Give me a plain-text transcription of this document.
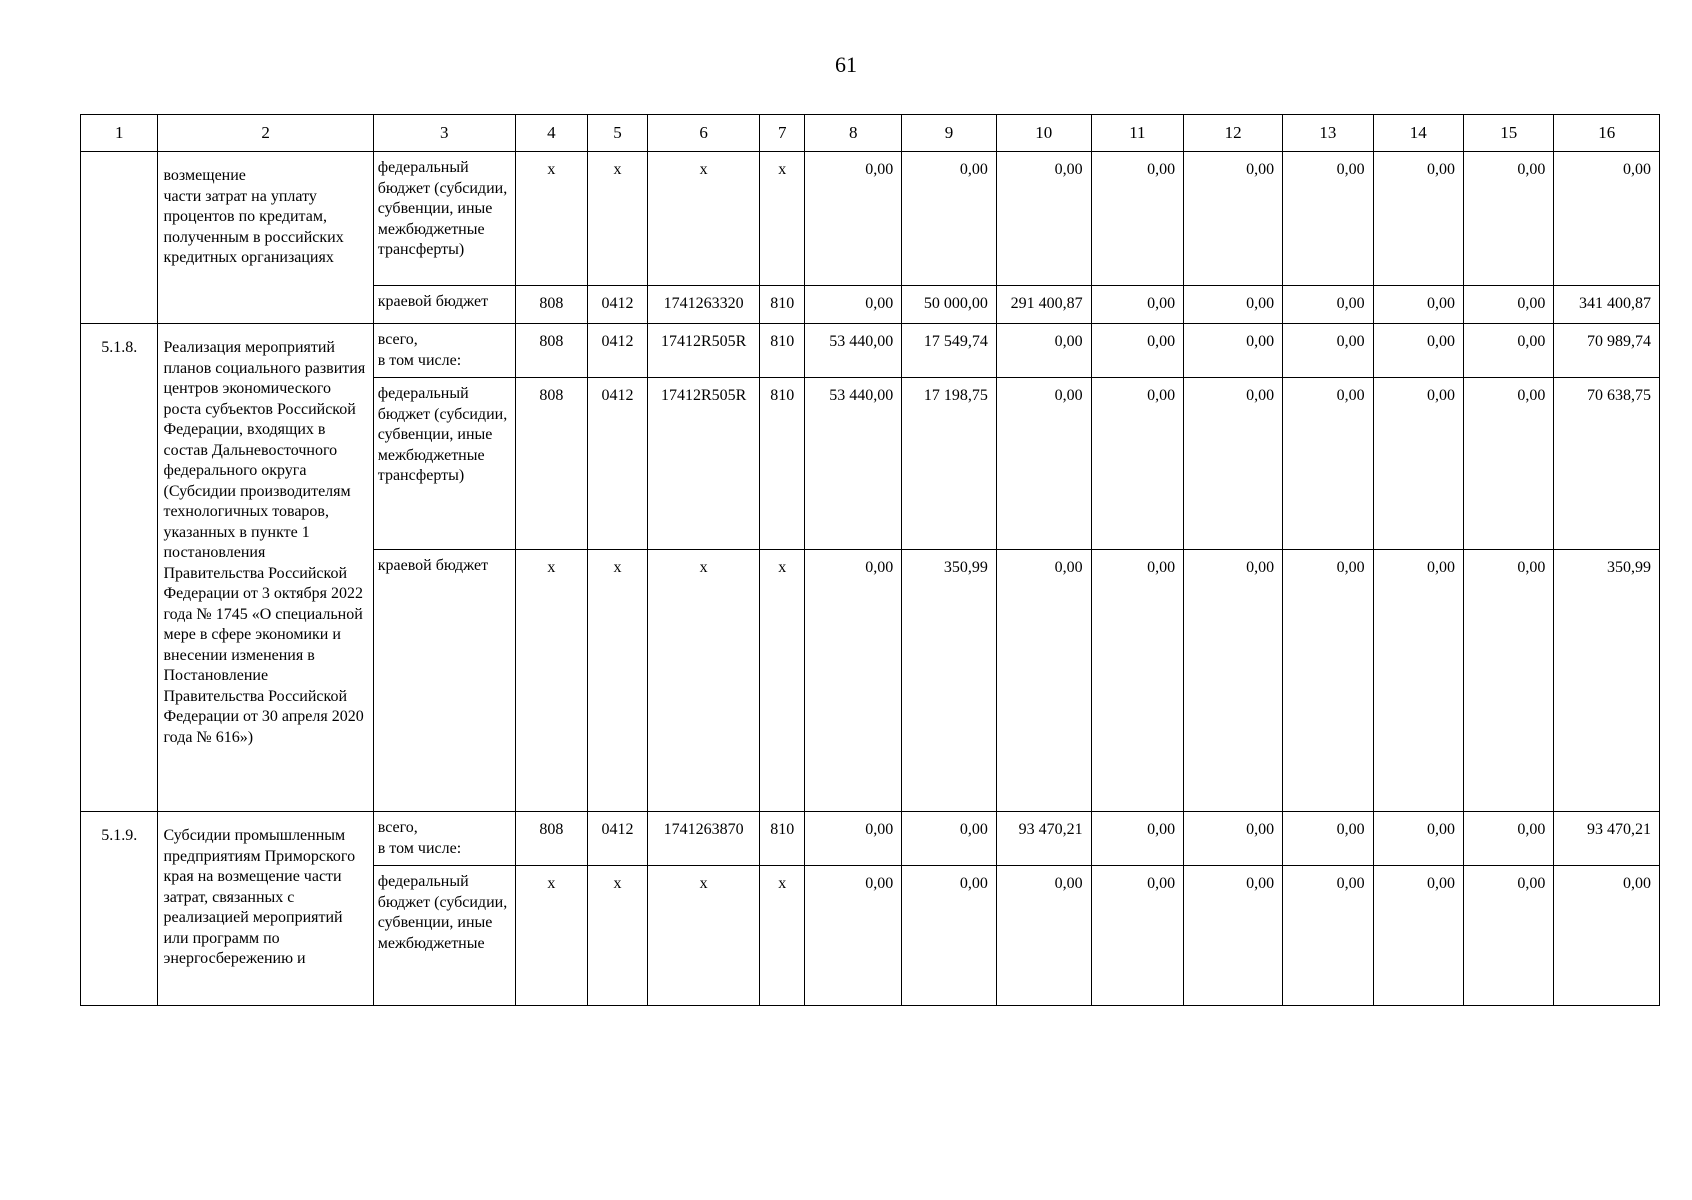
61
1	2	3	4	5	6	7	8	9	10	11	12	13	14	15	16
	возмещение
части затрат на уплату процентов по кредитам, полученным в российских кредитных организациях	федеральный бюджет (субсидии, субвенции, иные межбюджетные трансферты)	х	х	х	х	0,00	0,00	0,00	0,00	0,00	0,00	0,00	0,00	0,00
		краевой бюджет	808	0412	1741263320	810	0,00	50 000,00	291 400,87	0,00	0,00	0,00	0,00	0,00	341 400,87
5.1.8.	Реализация мероприятий планов социального развития центров экономического роста субъектов Российской Федерации, входящих в состав Дальневосточного федерального округа (Субсидии производителям технологичных товаров, указанных в пункте 1 постановления Правительства Российской Федерации от 3 октября 2022 года № 1745 «О специальной мере в сфере экономики и внесении изменения в Постановление Правительства Российской Федерации от 30 апреля 2020 года № 616»)	всего,
в том числе:	808	0412	17412R505R	810	53 440,00	17 549,74	0,00	0,00	0,00	0,00	0,00	0,00	70 989,74
		федеральный бюджет (субсидии, субвенции, иные межбюджетные трансферты)	808	0412	17412R505R	810	53 440,00	17 198,75	0,00	0,00	0,00	0,00	0,00	0,00	70 638,75
		краевой бюджет	х	х	х	х	0,00	350,99	0,00	0,00	0,00	0,00	0,00	0,00	350,99
5.1.9.	Субсидии промышленным предприятиям Приморского края на возмещение части затрат, связанных с реализацией мероприятий или программ по энергосбережению и	всего,
в том числе:	808	0412	1741263870	810	0,00	0,00	93 470,21	0,00	0,00	0,00	0,00	0,00	93 470,21
		федеральный бюджет (субсидии, субвенции, иные межбюджетные	х	х	х	х	0,00	0,00	0,00	0,00	0,00	0,00	0,00	0,00	0,00
